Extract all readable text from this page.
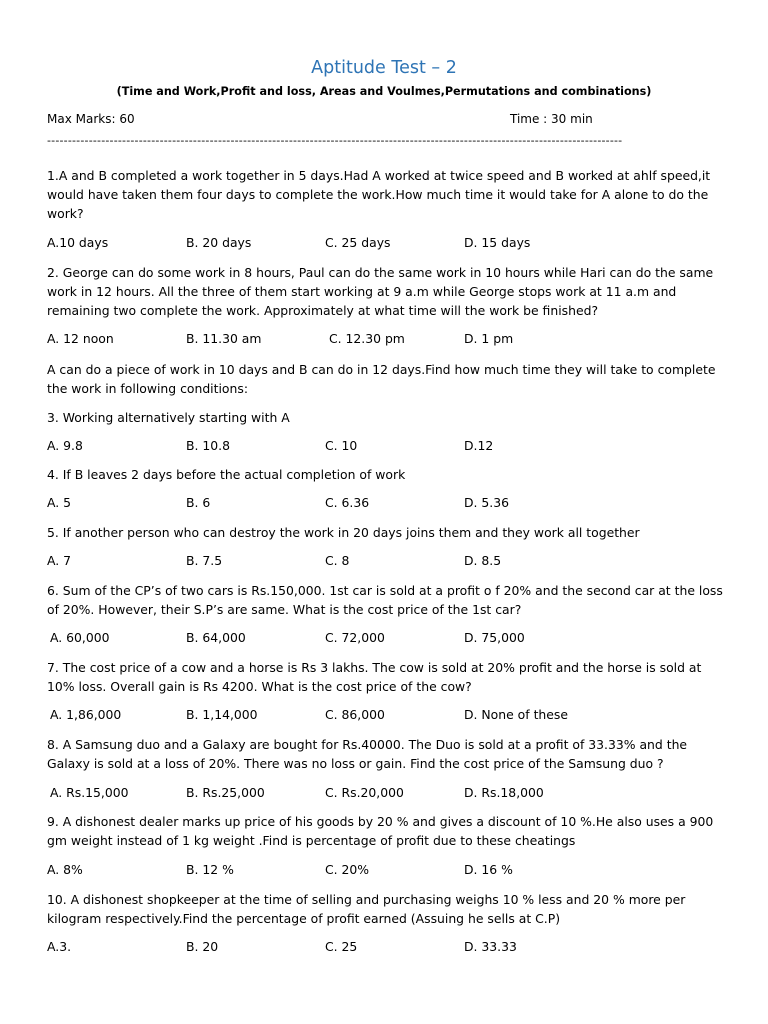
Aptitude Test – 2
(Time and Work,Profit and loss, Areas and Voulmes,Permutations and combinations)
Max Marks: 60	Time : 30 min
------------------------------------------------------------------------------------------------------------------------------------------

1.A and B completed a work together in 5 days.Had A worked at twice speed and B worked at ahlf speed,it
would have taken them four days to complete the work.How much time it would take for A alone to do the
work?

A.10 days	B. 20 days	C. 25 days	D. 15 days

2. George can do some work in 8 hours, Paul can do the same work in 10 hours while Hari can do the same
work in 12 hours. All the three of them start working at 9 a.m while George stops work at 11 a.m and
remaining two complete the work. Approximately at what time will the work be finished?

A. 12 noon	B. 11.30 am	C. 12.30 pm	D. 1 pm

A can do a piece of work in 10 days and B can do in 12 days.Find how much time they will take to complete
the work in following conditions:

3. Working alternatively starting with A

A. 9.8	B. 10.8	C. 10	D.12

4. If B leaves 2 days before the actual completion of work

A. 5	B. 6	C. 6.36	D. 5.36

5. If another person who can destroy the work in 20 days joins them and they work all together

A. 7	B. 7.5	C. 8	D. 8.5

6. Sum of the CP’s of two cars is Rs.150,000. 1st car is sold at a profit o f 20% and the second car at the loss
of 20%. However, their S.P’s are same. What is the cost price of the 1st car?

A. 60,000	B. 64,000	C. 72,000	D. 75,000

7. The cost price of a cow and a horse is Rs 3 lakhs. The cow is sold at 20% profit and the horse is sold at
10% loss. Overall gain is Rs 4200. What is the cost price of the cow?

A. 1,86,000	B. 1,14,000	C. 86,000	D. None of these

8. A Samsung duo and a Galaxy are bought for Rs.40000. The Duo is sold at a profit of 33.33% and the
Galaxy is sold at a loss of 20%. There was no loss or gain. Find the cost price of the Samsung duo ?

A. Rs.15,000	B. Rs.25,000	C. Rs.20,000	D. Rs.18,000

9. A dishonest dealer marks up price of his goods by 20 % and gives a discount of 10 %.He also uses a 900
gm weight instead of 1 kg weight .Find is percentage of profit due to these cheatings

A. 8%	B. 12 %	C. 20%	D. 16 %

10. A dishonest shopkeeper at the time of selling and purchasing weighs 10 % less and 20 % more per
kilogram respectively.Find the percentage of profit earned (Assuing he sells at C.P)

A.3.	B. 20	C. 25	D. 33.33
